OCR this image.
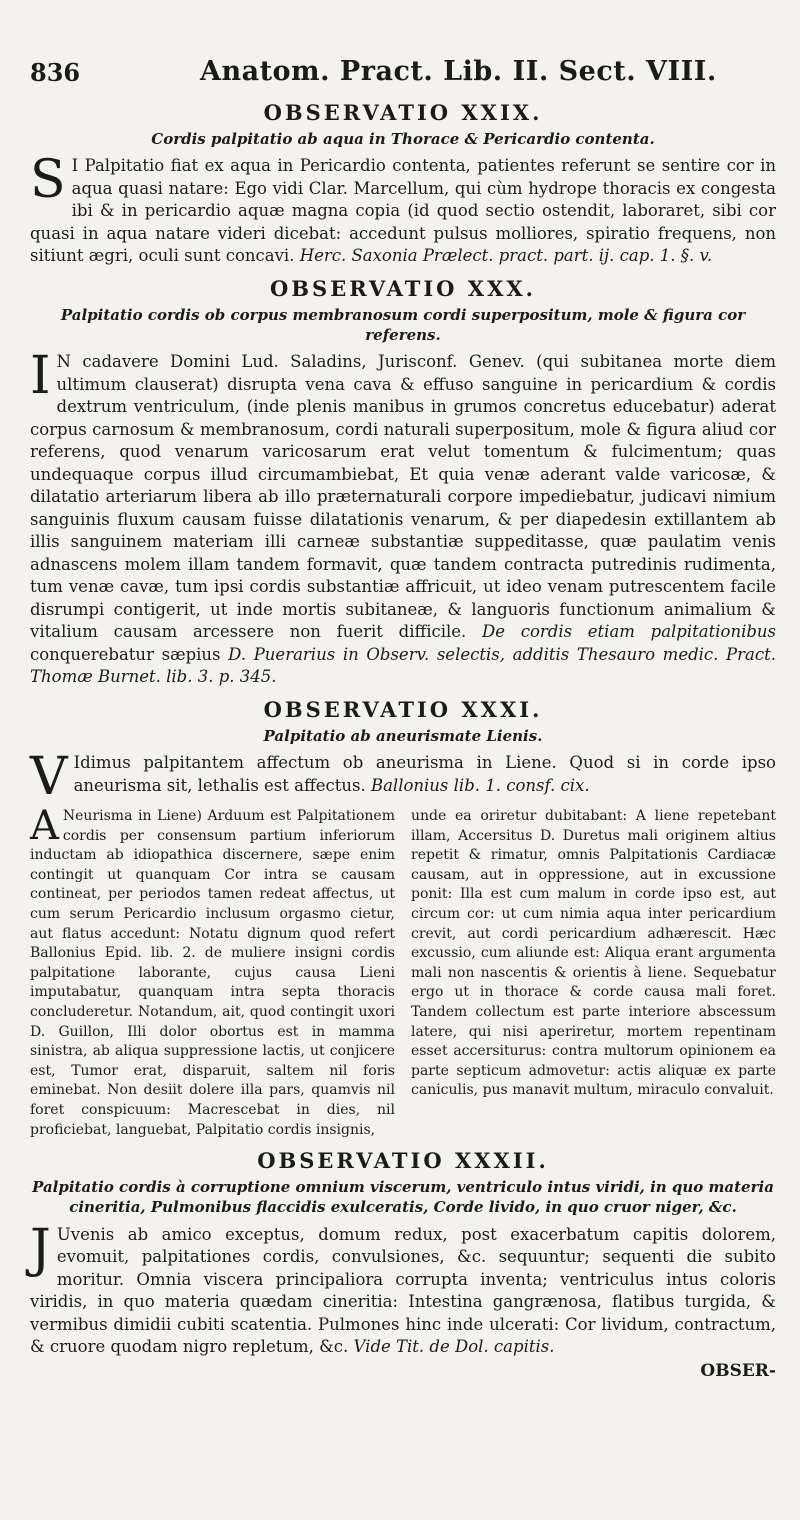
836	Anatom. Pract. Lib. II. Sect. VIII.
OBSERVATIO XXIX.
Cordis palpitatio ab aqua in Thorace & Pericardio contenta.

S I Palpitatio fiat ex aqua in Pericardio contenta, patientes referunt se sentire cor in aqua quasi natare: Ego vidi Clar. Marcellum, qui cùm hydrope thoracis ex congesta ibi & in pericardio aquæ magna copia (id quod sectio ostendit, laboraret, sibi cor quasi in aqua natare videri dicebat: accedunt pulsus molliores, spiratio frequens, non sitiunt ægri, oculi sunt concavi. Herc. Saxonia Prælect. pract. part. ij. cap. 1. §. v.

OBSERVATIO XXX.
Palpitatio cordis ob corpus membranosum cordi superpositum, mole & figura cor referens.

I N cadavere Domini Lud. Saladins, Jurisconf. Genev. (qui subitanea morte diem ultimum clauserat) disrupta vena cava & effuso sanguine in pericardium & cordis dextrum ventriculum, (inde plenis manibus in grumos concretus educebatur) aderat corpus carnosum & membranosum, cordi naturali superpositum, mole & figura aliud cor referens, quod venarum varicosarum erat velut tomentum & fulcimentum; quas undequaque corpus illud circumambiebat, Et quia venæ aderant valde varicosæ, & dilatatio arteriarum libera ab illo præternaturali corpore impediebatur, judicavi nimium sanguinis fluxum causam fuisse dilatationis venarum, & per diapedesin extillantem ab illis sanguinem materiam illi carneæ substantiæ suppeditasse, quæ paulatim venis adnascens molem illam tandem formavit, quæ tandem contracta putredinis rudimenta, tum venæ cavæ, tum ipsi cordis substantiæ affricuit, ut ideo venam putrescentem facile disrumpi contigerit, ut inde mortis subitaneæ, & languoris functionum animalium & vitalium causam arcessere non fuerit difficile. De cordis etiam palpitationibus conquerebatur sæpius D. Puerarius in Observ. selectis, additis Thesauro medic. Pract. Thomæ Burnet. lib. 3. p. 345.

OBSERVATIO XXXI.
Palpitatio ab aneurismate Lienis.

V Idimus palpitantem affectum ob aneurisma in Liene. Quod si in corde ipso aneurisma sit, lethalis est affectus. Ballonius lib. 1. consf. cix.

A Neurisma in Liene) Arduum est Palpitationem cordis per consensum partium inferiorum inductam ab idiopathica discernere, sæpe enim contingit ut quanquam Cor intra se causam contineat, per periodos tamen redeat affectus, ut cum serum Pericardio inclusum orgasmo cietur, aut flatus accedunt: Notatu dignum quod refert Ballonius Epid. lib. 2. de muliere insigni cordis palpitatione laborante, cujus causa Lieni imputabatur, quanquam intra septa thoracis concluderetur. Notandum, ait, quod contingit uxori D. Guillon, Illi dolor obortus est in mamma sinistra, ab aliqua suppressione lactis, ut conjicere est, Tumor erat, disparuit, saltem nil foris eminebat. Non desiit dolere illa pars, quamvis nil foret conspicuum: Macrescebat in dies, nil proficiebat, languebat, Palpitatio cordis insignis,
unde ea oriretur dubitabant: A liene repetebant illam, Accersitus D. Duretus mali originem altius repetit & rimatur, omnis Palpitationis Cardiacæ causam, aut in oppressione, aut in excussione ponit: Illa est cum malum in corde ipso est, aut circum cor: ut cum nimia aqua inter pericardium crevit, aut cordi pericardium adhærescit. Hæc excussio, cum aliunde est: Aliqua erant argumenta mali non nascentis & orientis à liene. Sequebatur ergo ut in thorace & corde causa mali foret. Tandem collectum est parte interiore abscessum latere, qui nisi aperiretur, mortem repentinam esset accersiturus: contra multorum opinionem ea parte septicum admovetur: actis aliquæ ex parte caniculis, pus manavit multum, miraculo convaluit.
OBSERVATIO XXXII.
Palpitatio cordis à corruptione omnium viscerum, ventriculo intus viridi, in quo materia cineritia, Pulmonibus flaccidis exulceratis, Corde livido, in quo cruor niger, &c.

J Uvenis ab amico exceptus, domum redux, post exacerbatum capitis dolorem, evomuit, palpitationes cordis, convulsiones, &c. sequuntur; sequenti die subito moritur. Omnia viscera principaliora corrupta inventa; ventriculus intus coloris viridis, in quo materia quædam cineritia: Intestina gangrænosa, flatibus turgida, & vermibus dimidii cubiti scatentia. Pulmones hinc inde ulcerati: Cor lividum, contractum, & cruore quodam nigro repletum, &c. Vide Tit. de Dol. capitis.

OBSER-
